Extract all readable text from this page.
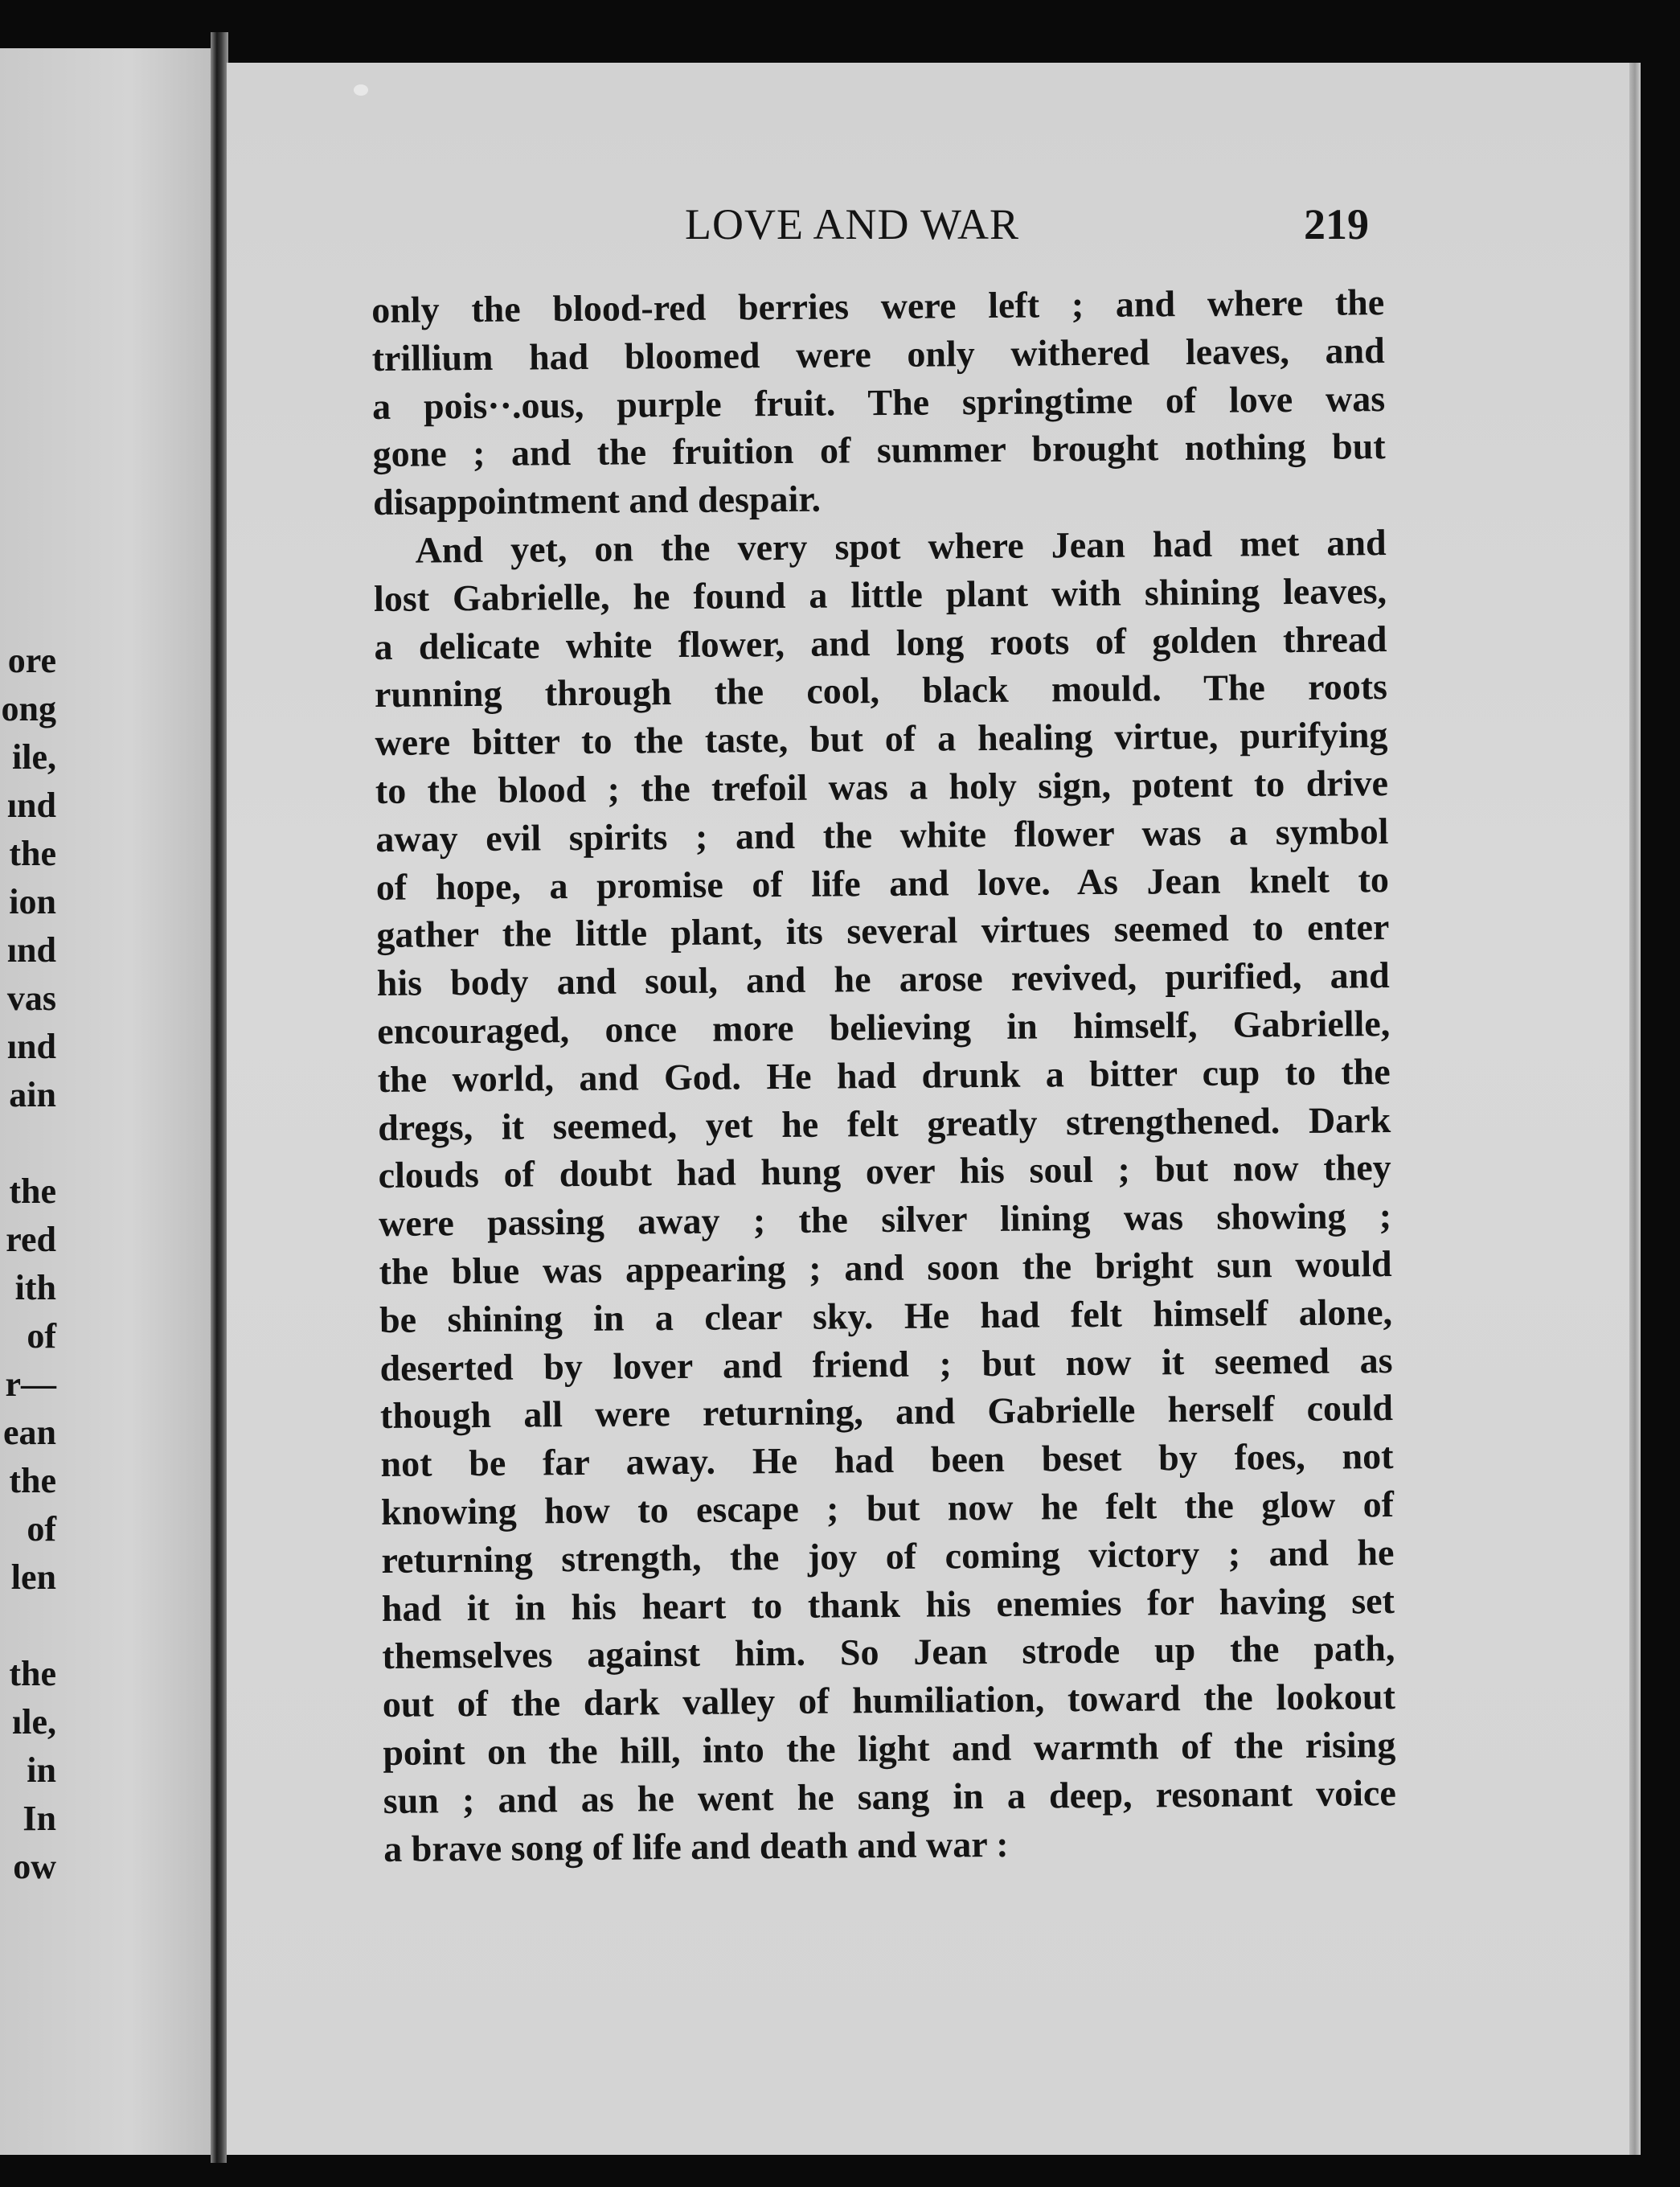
ore
ong
ile,
ınd
the
ion
ınd
vas
ınd
ain
the
red
ith
of
r—
ean
the
of
len
the
ıle,
in
In
ow
LOVE AND WAR	219
only the blood-red berries were left ; and where the
trillium had bloomed were only withered leaves, and
a pois··.ous, purple fruit. The springtime of love was
gone ; and the fruition of summer brought nothing but
disappointment and despair.
And yet, on the very spot where Jean had met and
lost Gabrielle, he found a little plant with shining leaves,
a delicate white flower, and long roots of golden thread
running through the cool, black mould. The roots
were bitter to the taste, but of a healing virtue, purifying
to the blood ; the trefoil was a holy sign, potent to drive
away evil spirits ; and the white flower was a symbol
of hope, a promise of life and love. As Jean knelt to
gather the little plant, its several virtues seemed to enter
his body and soul, and he arose revived, purified, and
encouraged, once more believing in himself, Gabrielle,
the world, and God. He had drunk a bitter cup to the
dregs, it seemed, yet he felt greatly strengthened. Dark
clouds of doubt had hung over his soul ; but now they
were passing away ; the silver lining was showing ;
the blue was appearing ; and soon the bright sun would
be shining in a clear sky. He had felt himself alone,
deserted by lover and friend ; but now it seemed as
though all were returning, and Gabrielle herself could
not be far away. He had been beset by foes, not
knowing how to escape ; but now he felt the glow of
returning strength, the joy of coming victory ; and he
had it in his heart to thank his enemies for having set
themselves against him. So Jean strode up the path,
out of the dark valley of humiliation, toward the lookout
point on the hill, into the light and warmth of the rising
sun ; and as he went he sang in a deep, resonant voice
a brave song of life and death and war :
